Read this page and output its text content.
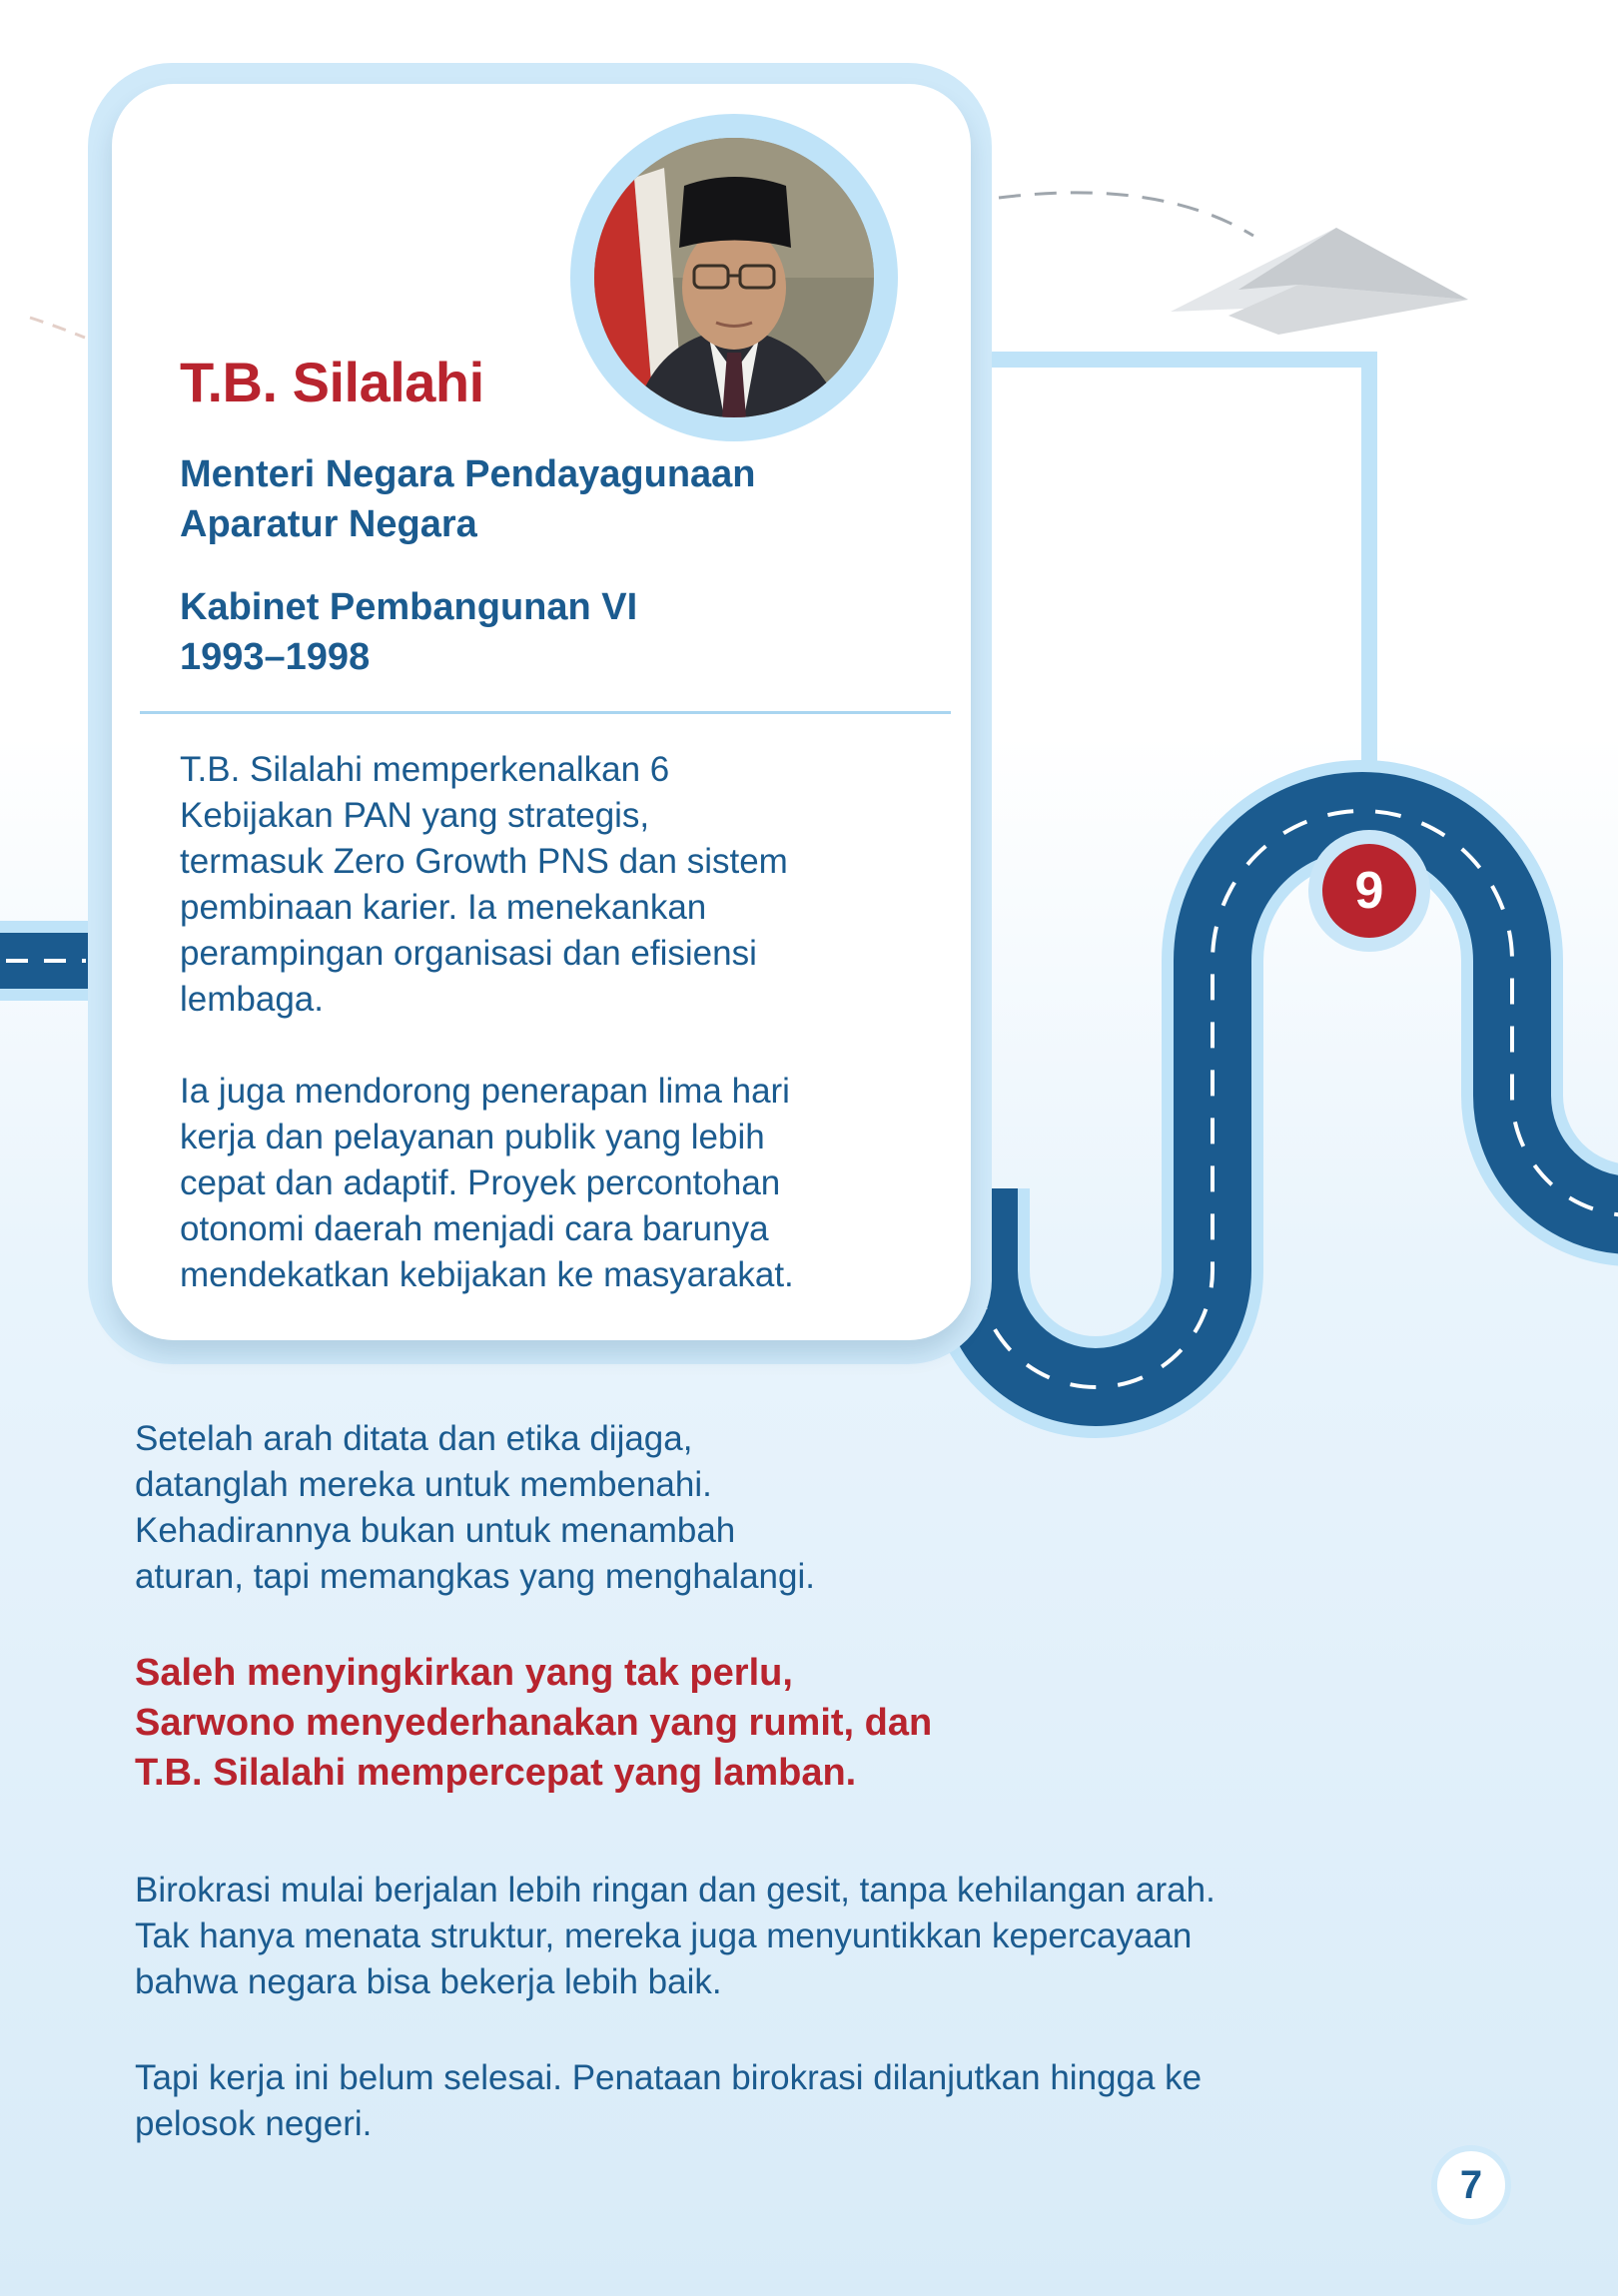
T.B. Silalahi
Menteri Negara Pendayagunaan
Aparatur Negara
Kabinet Pembangunan VI
1993–1998

T.B. Silalahi memperkenalkan 6
Kebijakan PAN yang strategis,
termasuk Zero Growth PNS dan sistem
pembinaan karier. Ia menekankan
perampingan organisasi dan efisiensi
lembaga.

Ia juga mendorong penerapan lima hari
kerja dan pelayanan publik yang lebih
cepat dan adaptif. Proyek percontohan
otonomi daerah menjadi cara barunya
mendekatkan kebijakan ke masyarakat.

9

Setelah arah ditata dan etika dijaga,
datanglah mereka untuk membenahi.
Kehadirannya bukan untuk menambah
aturan, tapi memangkas yang menghalangi.

Saleh menyingkirkan yang tak perlu,

Sarwono menyederhanakan yang rumit, dan

T.B. Silalahi mempercepat yang lamban.

Birokrasi mulai berjalan lebih ringan dan gesit, tanpa kehilangan arah.
Tak hanya menata struktur, mereka juga menyuntikkan kepercayaan
bahwa negara bisa bekerja lebih baik.

Tapi kerja ini belum selesai. Penataan birokrasi dilanjutkan hingga ke
pelosok negeri.

7
